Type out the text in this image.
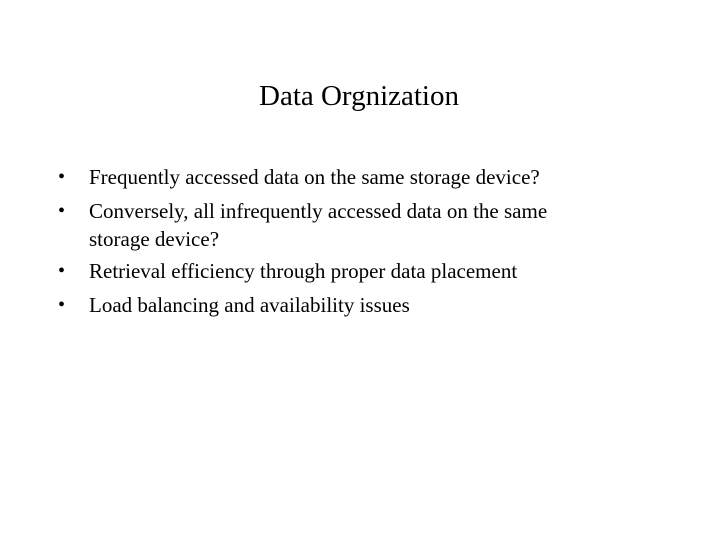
Data Orgnization
•	Frequently accessed data on the same storage device?
•	Conversely, all infrequently accessed data on the same
storage device?
•	Retrieval efficiency through proper data placement
•	Load balancing and availability issues
